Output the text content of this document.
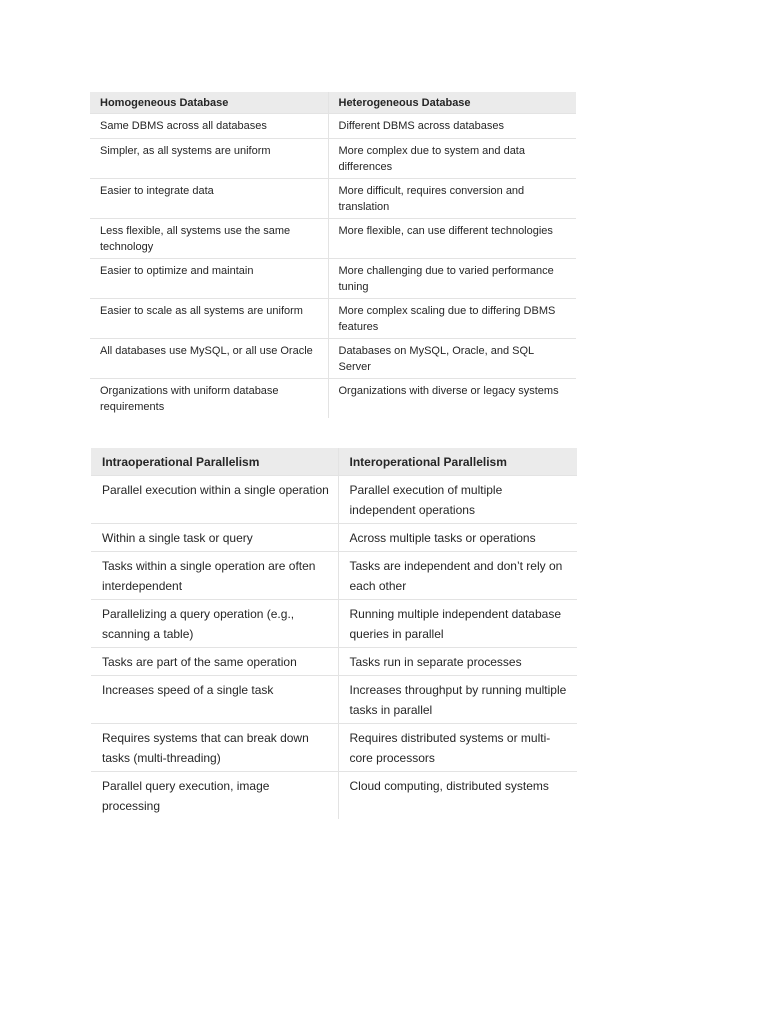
Homogeneous Database	Heterogeneous Database
Same DBMS across all databases	Different DBMS across databases
Simpler, as all systems are uniform	More complex due to system and data differences
Easier to integrate data	More difficult, requires conversion and translation
Less flexible, all systems use the same technology	More flexible, can use different technologies
Easier to optimize and maintain	More challenging due to varied performance tuning
Easier to scale as all systems are uniform	More complex scaling due to differing DBMS features
All databases use MySQL, or all use Oracle	Databases on MySQL, Oracle, and SQL Server
Organizations with uniform database requirements	Organizations with diverse or legacy systems
Intraoperational Parallelism	Interoperational Parallelism
Parallel execution within a single operation	Parallel execution of multiple independent operations
Within a single task or query	Across multiple tasks or operations
Tasks within a single operation are often interdependent	Tasks are independent and don’t rely on each other
Parallelizing a query operation (e.g., scanning a table)	Running multiple independent database queries in parallel
Tasks are part of the same operation	Tasks run in separate processes
Increases speed of a single task	Increases throughput by running multiple tasks in parallel
Requires systems that can break down tasks (multi-threading)	Requires distributed systems or multi-core processors
Parallel query execution, image processing	Cloud computing, distributed systems
